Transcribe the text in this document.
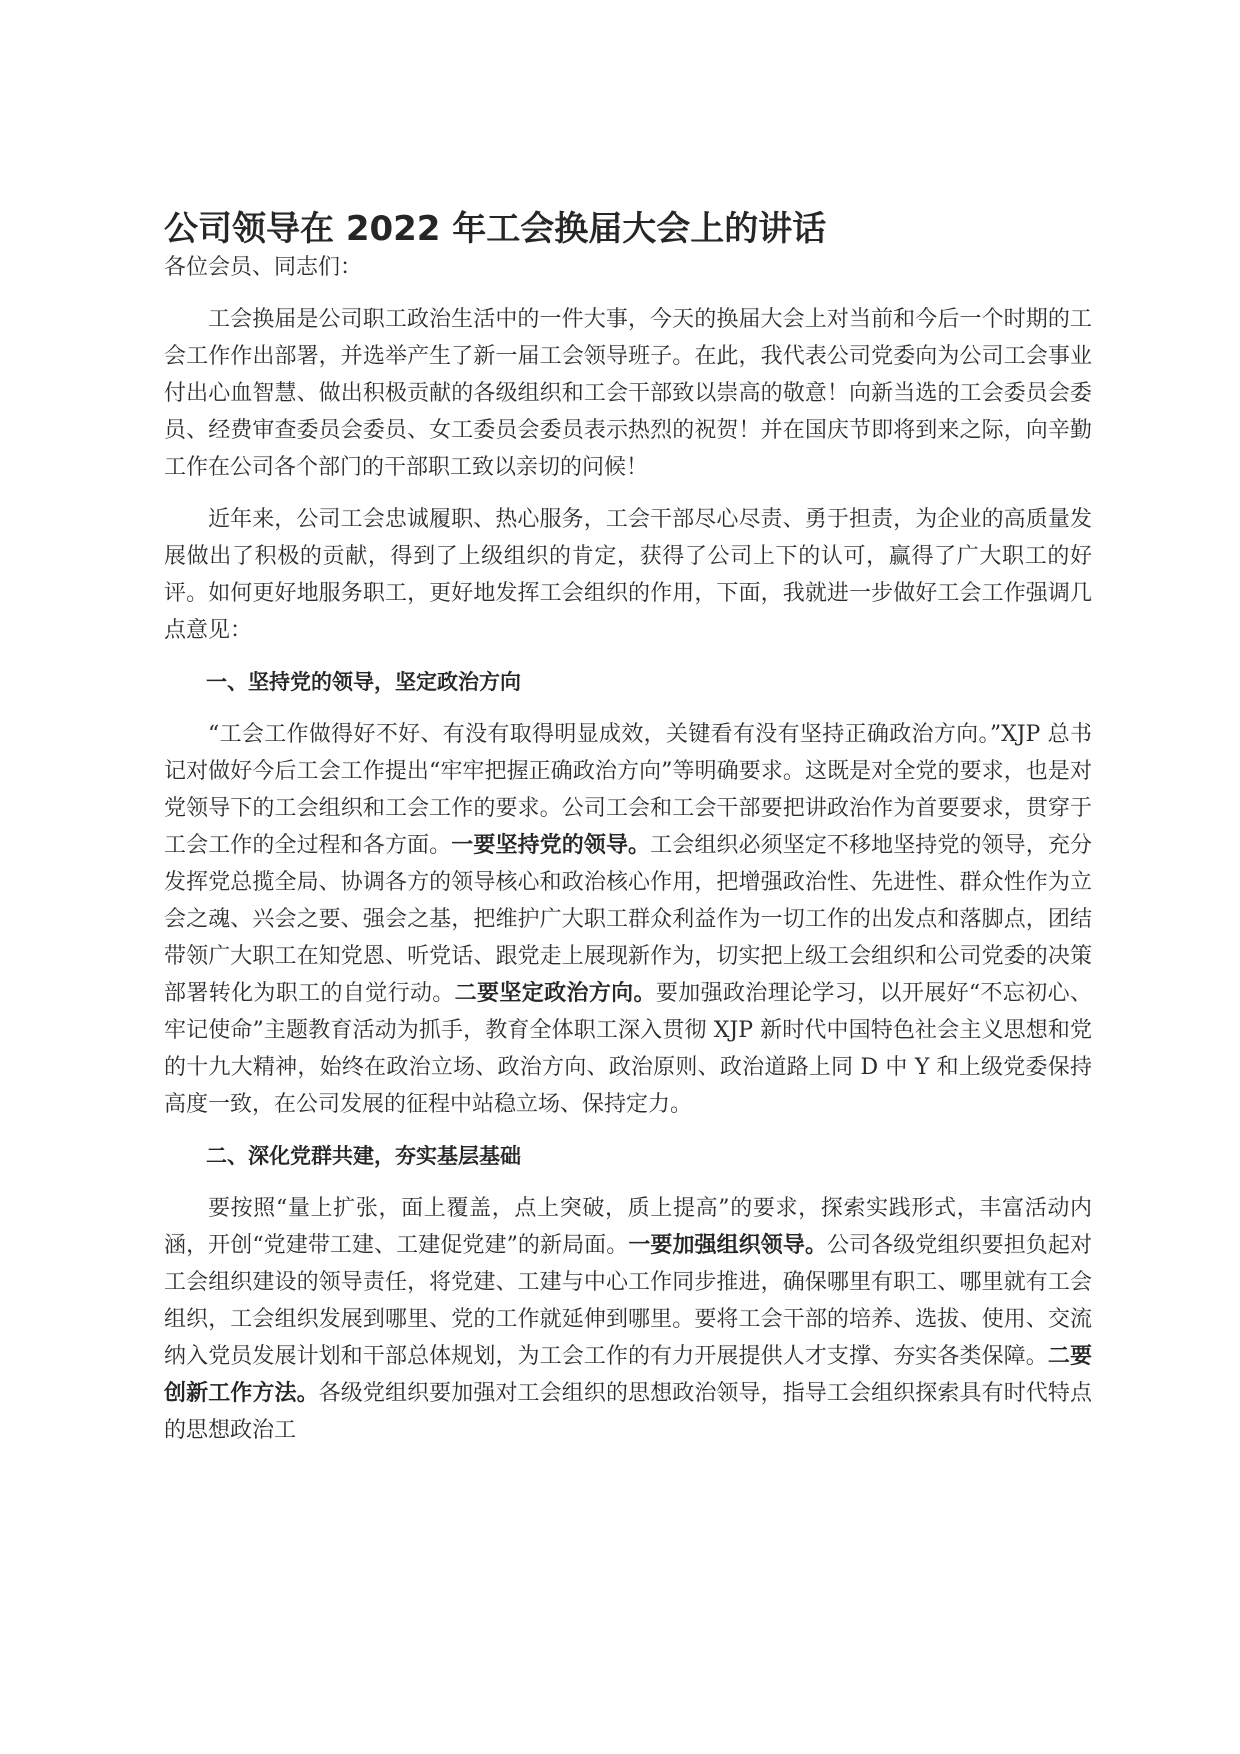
公司领导在 2022 年工会换届大会上的讲话

各位会员、同志们：

工会换届是公司职工政治生活中的一件大事，今天的换届大会上对当前和今后一个时期的工会工作作出部署，并选举产生了新一届工会领导班子。在此，我代表公司党委向为公司工会事业付出心血智慧、做出积极贡献的各级组织和工会干部致以崇高的敬意！向新当选的工会委员会委员、经费审查委员会委员、女工委员会委员表示热烈的祝贺！并在国庆节即将到来之际，向辛勤工作在公司各个部门的干部职工致以亲切的问候！

近年来，公司工会忠诚履职、热心服务，工会干部尽心尽责、勇于担责，为企业的高质量发展做出了积极的贡献，得到了上级组织的肯定，获得了公司上下的认可，赢得了广大职工的好评。如何更好地服务职工，更好地发挥工会组织的作用，下面，我就进一步做好工会工作强调几点意见：

一、坚持党的领导，坚定政治方向

“工会工作做得好不好、有没有取得明显成效，关键看有没有坚持正确政治方向。”XJP 总书记对做好今后工会工作提出“牢牢把握正确政治方向”等明确要求。这既是对全党的要求，也是对党领导下的工会组织和工会工作的要求。公司工会和工会干部要把讲政治作为首要要求，贯穿于工会工作的全过程和各方面。一要坚持党的领导。工会组织必须坚定不移地坚持党的领导，充分发挥党总揽全局、协调各方的领导核心和政治核心作用，把增强政治性、先进性、群众性作为立会之魂、兴会之要、强会之基，把维护广大职工群众利益作为一切工作的出发点和落脚点，团结带领广大职工在知党恩、听党话、跟党走上展现新作为，切实把上级工会组织和公司党委的决策部署转化为职工的自觉行动。二要坚定政治方向。要加强政治理论学习，以开展好“不忘初心、牢记使命”主题教育活动为抓手，教育全体职工深入贯彻 XJP 新时代中国特色社会主义思想和党的十九大精神，始终在政治立场、政治方向、政治原则、政治道路上同 D 中 Y 和上级党委保持高度一致，在公司发展的征程中站稳立场、保持定力。

二、深化党群共建，夯实基层基础

要按照“量上扩张，面上覆盖，点上突破，质上提高”的要求，探索实践形式，丰富活动内涵，开创“党建带工建、工建促党建”的新局面。一要加强组织领导。公司各级党组织要担负起对工会组织建设的领导责任，将党建、工建与中心工作同步推进，确保哪里有职工、哪里就有工会组织，工会组织发展到哪里、党的工作就延伸到哪里。要将工会干部的培养、选拔、使用、交流纳入党员发展计划和干部总体规划，为工会工作的有力开展提供人才支撑、夯实各类保障。二要创新工作方法。各级党组织要加强对工会组织的思想政治领导，指导工会组织探索具有时代特点的思想政治工
